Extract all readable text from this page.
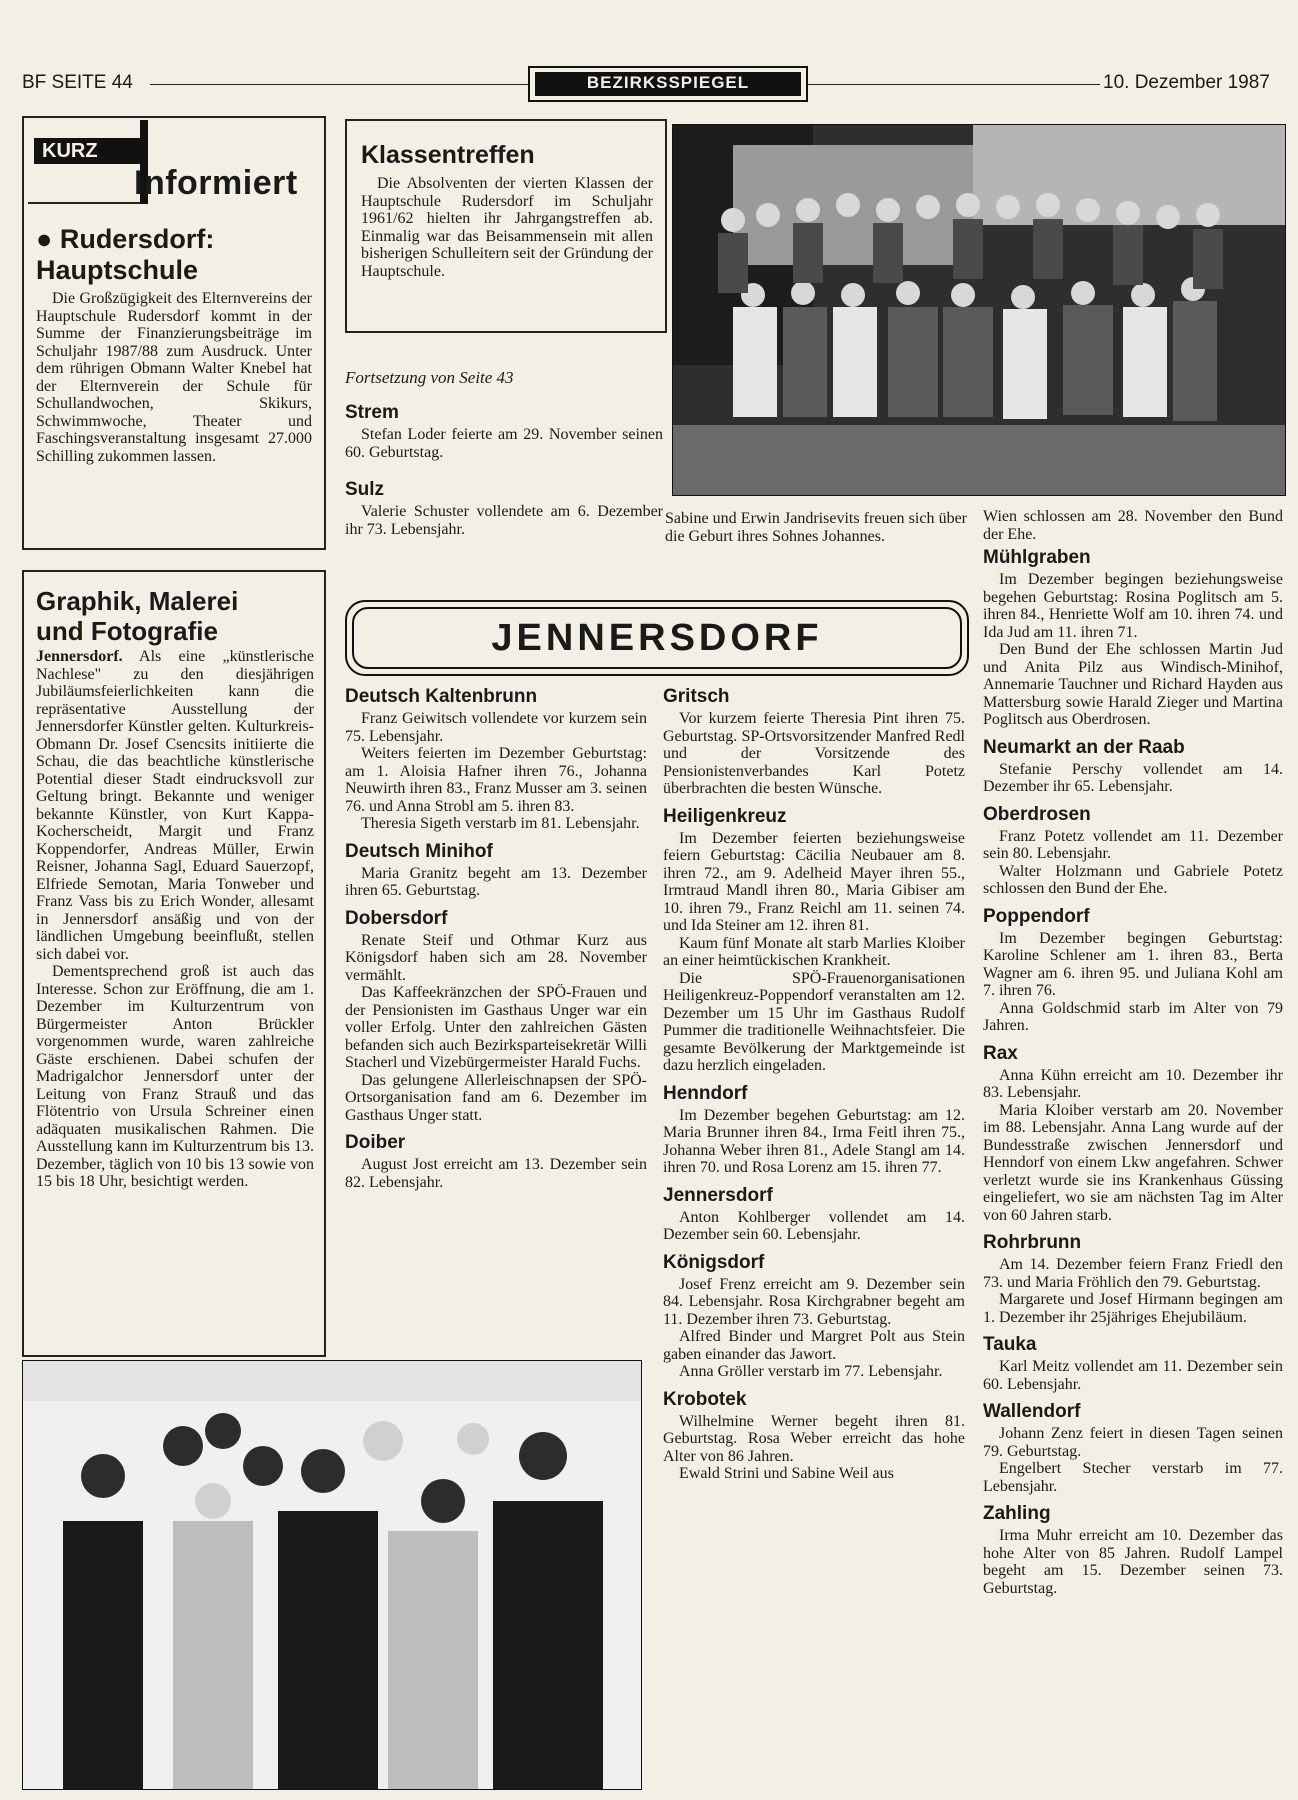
BF SEITE 44	BEZIRKSSPIEGEL	10. Dezember 1987
KURZ
Informiert
● Rudersdorf:
Hauptschule

Die Großzügigkeit des Elternvereins der Hauptschule Rudersdorf kommt in der Summe der Finanzierungsbeiträge im Schuljahr 1987/88 zum Ausdruck. Unter dem rührigen Obmann Walter Knebel hat der Elternverein der Schule für Schullandwochen, Skikurs, Schwimmwoche, Theater und Faschingsveranstaltung insgesamt 27.000 Schilling zukommen lassen.

Klassentreffen

Die Absolventen der vierten Klassen der Hauptschule Rudersdorf im Schuljahr 1961/62 hielten ihr Jahrgangstreffen ab. Einmalig war das Beisammensein mit allen bisherigen Schulleitern seit der Gründung der Hauptschule.

Fortsetzung von Seite 43
Strem

Stefan Loder feierte am 29. November seinen 60. Geburtstag.

Sulz

Valerie Schuster vollendete am 6. Dezember ihr 73. Lebensjahr.

Sabine und Erwin Jandrisevits freuen sich über die Geburt ihres Sohnes Johannes.
Graphik, Malerei
und Fotografie

Jennersdorf. Als eine „künstlerische Nachlese" zu den diesjährigen Jubiläumsfeierlichkeiten kann die repräsentative Ausstellung der Jennersdorfer Künstler gelten. Kulturkreis-Obmann Dr. Josef Csencsits initiierte die Schau, die das beachtliche künstlerische Potential dieser Stadt eindrucksvoll zur Geltung bringt. Bekannte und weniger bekannte Künstler, von Kurt Kappa-Kocherscheidt, Margit und Franz Koppendorfer, Andreas Müller, Erwin Reisner, Johanna Sagl, Eduard Sauerzopf, Elfriede Semotan, Maria Tonweber und Franz Vass bis zu Erich Wonder, allesamt in Jennersdorf ansäßig und von der ländlichen Umgebung beeinflußt, stellen sich dabei vor.

Dementsprechend groß ist auch das Interesse. Schon zur Eröffnung, die am 1. Dezember im Kulturzentrum von Bürgermeister Anton Brückler vorgenommen wurde, waren zahlreiche Gäste erschienen. Dabei schufen der Madrigalchor Jennersdorf unter der Leitung von Franz Strauß und das Flötentrio von Ursula Schreiner einen adäquaten musikalischen Rahmen. Die Ausstellung kann im Kulturzentrum bis 13. Dezember, täglich von 10 bis 13 sowie von 15 bis 18 Uhr, besichtigt werden.

JENNERSDORF
Deutsch Kaltenbrunn

Franz Geiwitsch vollendete vor kurzem sein 75. Lebensjahr.

Weiters feierten im Dezember Geburtstag: am 1. Aloisia Hafner ihren 76., Johanna Neuwirth ihren 83., Franz Musser am 3. seinen 76. und Anna Strobl am 5. ihren 83.

Theresia Sigeth verstarb im 81. Lebensjahr.

Deutsch Minihof

Maria Granitz begeht am 13. Dezember ihren 65. Geburtstag.

Dobersdorf

Renate Steif und Othmar Kurz aus Königsdorf haben sich am 28. November vermählt.

Das Kaffeekränzchen der SPÖ-Frauen und der Pensionisten im Gasthaus Unger war ein voller Erfolg. Unter den zahlreichen Gästen befanden sich auch Bezirksparteisekretär Willi Stacherl und Vizebürgermeister Harald Fuchs.

Das gelungene Allerleischnapsen der SPÖ-Ortsorganisation fand am 6. Dezember im Gasthaus Unger statt.

Doiber

August Jost erreicht am 13. Dezember sein 82. Lebensjahr.

Gritsch

Vor kurzem feierte Theresia Pint ihren 75. Geburtstag. SP-Ortsvorsitzender Manfred Redl und der Vorsitzende des Pensionistenverbandes Karl Potetz überbrachten die besten Wünsche.

Heiligenkreuz

Im Dezember feierten beziehungsweise feiern Geburtstag: Cäcilia Neubauer am 8. ihren 72., am 9. Adelheid Mayer ihren 55., Irmtraud Mandl ihren 80., Maria Gibiser am 10. ihren 79., Franz Reichl am 11. seinen 74. und Ida Steiner am 12. ihren 81.

Kaum fünf Monate alt starb Marlies Kloiber an einer heimtückischen Krankheit.

Die SPÖ-Frauenorganisationen Heiligenkreuz-Poppendorf veranstalten am 12. Dezember um 15 Uhr im Gasthaus Rudolf Pummer die traditionelle Weihnachtsfeier. Die gesamte Bevölkerung der Marktgemeinde ist dazu herzlich eingeladen.

Henndorf

Im Dezember begehen Geburtstag: am 12. Maria Brunner ihren 84., Irma Feitl ihren 75., Johanna Weber ihren 81., Adele Stangl am 14. ihren 70. und Rosa Lorenz am 15. ihren 77.

Jennersdorf

Anton Kohlberger vollendet am 14. Dezember sein 60. Lebensjahr.

Königsdorf

Josef Frenz erreicht am 9. Dezember sein 84. Lebensjahr. Rosa Kirchgrabner begeht am 11. Dezember ihren 73. Geburtstag.

Alfred Binder und Margret Polt aus Stein gaben einander das Jawort.

Anna Gröller verstarb im 77. Lebensjahr.

Krobotek

Wilhelmine Werner begeht ihren 81. Geburtstag. Rosa Weber erreicht das hohe Alter von 86 Jahren.

Ewald Strini und Sabine Weil aus

Wien schlossen am 28. November den Bund der Ehe.

Mühlgraben

Im Dezember begingen beziehungsweise begehen Geburtstag: Rosina Poglitsch am 5. ihren 84., Henriette Wolf am 10. ihren 74. und Ida Jud am 11. ihren 71.

Den Bund der Ehe schlossen Martin Jud und Anita Pilz aus Windisch-Minihof, Annemarie Tauchner und Richard Hayden aus Mattersburg sowie Harald Zieger und Martina Poglitsch aus Oberdrosen.

Neumarkt an der Raab

Stefanie Perschy vollendet am 14. Dezember ihr 65. Lebensjahr.

Oberdrosen

Franz Potetz vollendet am 11. Dezember sein 80. Lebensjahr.

Walter Holzmann und Gabriele Potetz schlossen den Bund der Ehe.

Poppendorf

Im Dezember begingen Geburtstag: Karoline Schlener am 1. ihren 83., Berta Wagner am 6. ihren 95. und Juliana Kohl am 7. ihren 76.

Anna Goldschmid starb im Alter von 79 Jahren.

Rax

Anna Kühn erreicht am 10. Dezember ihr 83. Lebensjahr.

Maria Kloiber verstarb am 20. November im 88. Lebensjahr. Anna Lang wurde auf der Bundesstraße zwischen Jennersdorf und Henndorf von einem Lkw angefahren. Schwer verletzt wurde sie ins Krankenhaus Güssing eingeliefert, wo sie am nächsten Tag im Alter von 60 Jahren starb.

Rohrbrunn

Am 14. Dezember feiern Franz Friedl den 73. und Maria Fröhlich den 79. Geburtstag.

Margarete und Josef Hirmann begingen am 1. Dezember ihr 25jähriges Ehejubiläum.

Tauka

Karl Meitz vollendet am 11. Dezember sein 60. Lebensjahr.

Wallendorf

Johann Zenz feiert in diesen Tagen seinen 79. Geburtstag.

Engelbert Stecher verstarb im 77. Lebensjahr.

Zahling

Irma Muhr erreicht am 10. Dezember das hohe Alter von 85 Jahren. Rudolf Lampel begeht am 15. Dezember seinen 73. Geburtstag.
